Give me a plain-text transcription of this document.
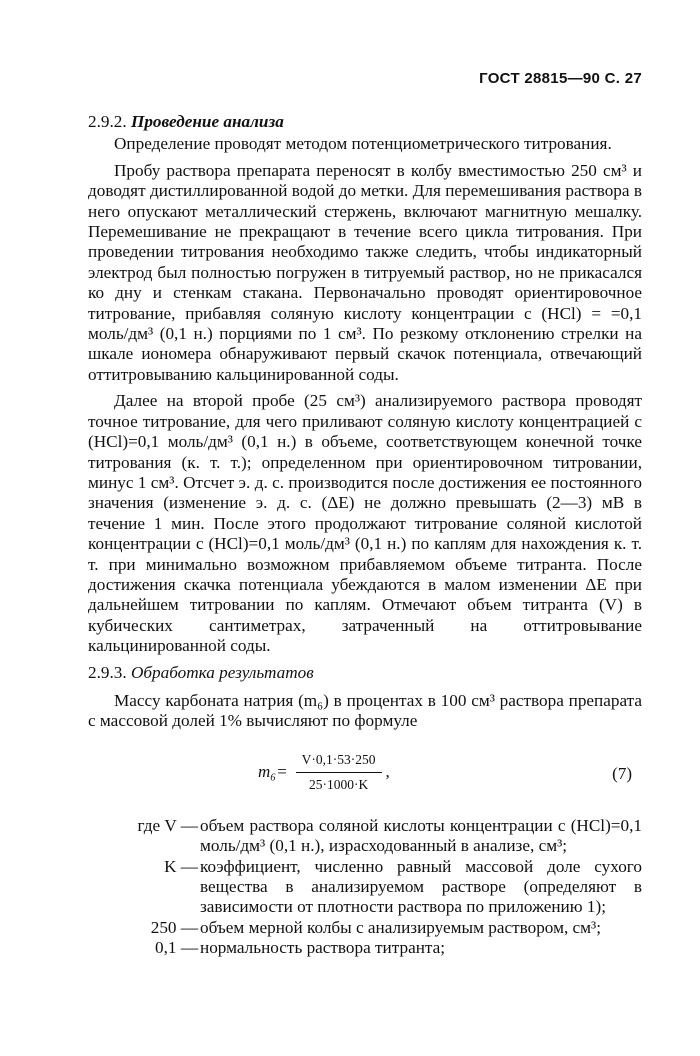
ГОСТ 28815—90 С. 27
2.9.2. Проведение анализа

Определение проводят методом потенциометрического титрования.

Пробу раствора препарата переносят в колбу вместимостью 250 см³ и доводят дистиллированной водой до метки. Для перемешивания раствора в него опускают металлический стержень, включают магнитную мешалку. Перемешивание не прекращают в течение всего цикла титрования. При проведении титрования необходимо также следить, чтобы индикаторный электрод был полностью погружен в титруемый раствор, но не прикасался ко дну и стенкам стакана. Первоначально проводят ориентировочное титрование, прибавляя соляную кислоту концентрации с (HCl) = =0,1 моль/дм³ (0,1 н.) порциями по 1 см³. По резкому отклонению стрелки на шкале иономера обнаруживают первый скачок потенциала, отвечающий оттитровыванию кальцинированной соды.

Далее на второй пробе (25 см³) анализируемого раствора проводят точное титрование, для чего приливают соляную кислоту концентрацией с (HCl)=0,1 моль/дм³ (0,1 н.) в объеме, соответствующем конечной точке титрования (к. т. т.); определенном при ориентировочном титровании, минус 1 см³. Отсчет э. д. с. производится после достижения ее постоянного значения (изменение э. д. с. (ΔE) не должно превышать (2—3) мВ в течение 1 мин. После этого продолжают титрование соляной кислотой концентрации с (HCl)=0,1 моль/дм³ (0,1 н.) по каплям для нахождения к. т. т. при минимально возможном прибавляемом объеме титранта. После достижения скачка потенциала убеждаются в малом изменении ΔE при дальнейшем титровании по каплям. Отмечают объем титранта (V) в кубических сантиметрах, затраченный на оттитровывание кальцинированной соды.

2.9.3. Обработка результатов

Массу карбоната натрия (m₆) в процентах в 100 см³ раствора препарата с массовой долей 1% вычисляют по формуле

$m_6= \frac{V\cdot 0,1\cdot 53\cdot 250}{25\cdot 1000\cdot K}$ ,	(7)
где V — объем раствора соляной кислоты концентрации с (HCl)=0,1 моль/дм³ (0,1 н.), израсходованный в анализе, см³;
K — коэффициент, численно равный массовой доле сухого вещества в анализируемом растворе (определяют в зависимости от плотности раствора по приложению 1);
250 — объем мерной колбы с анализируемым раствором, см³;
0,1 — нормальность раствора титранта;
